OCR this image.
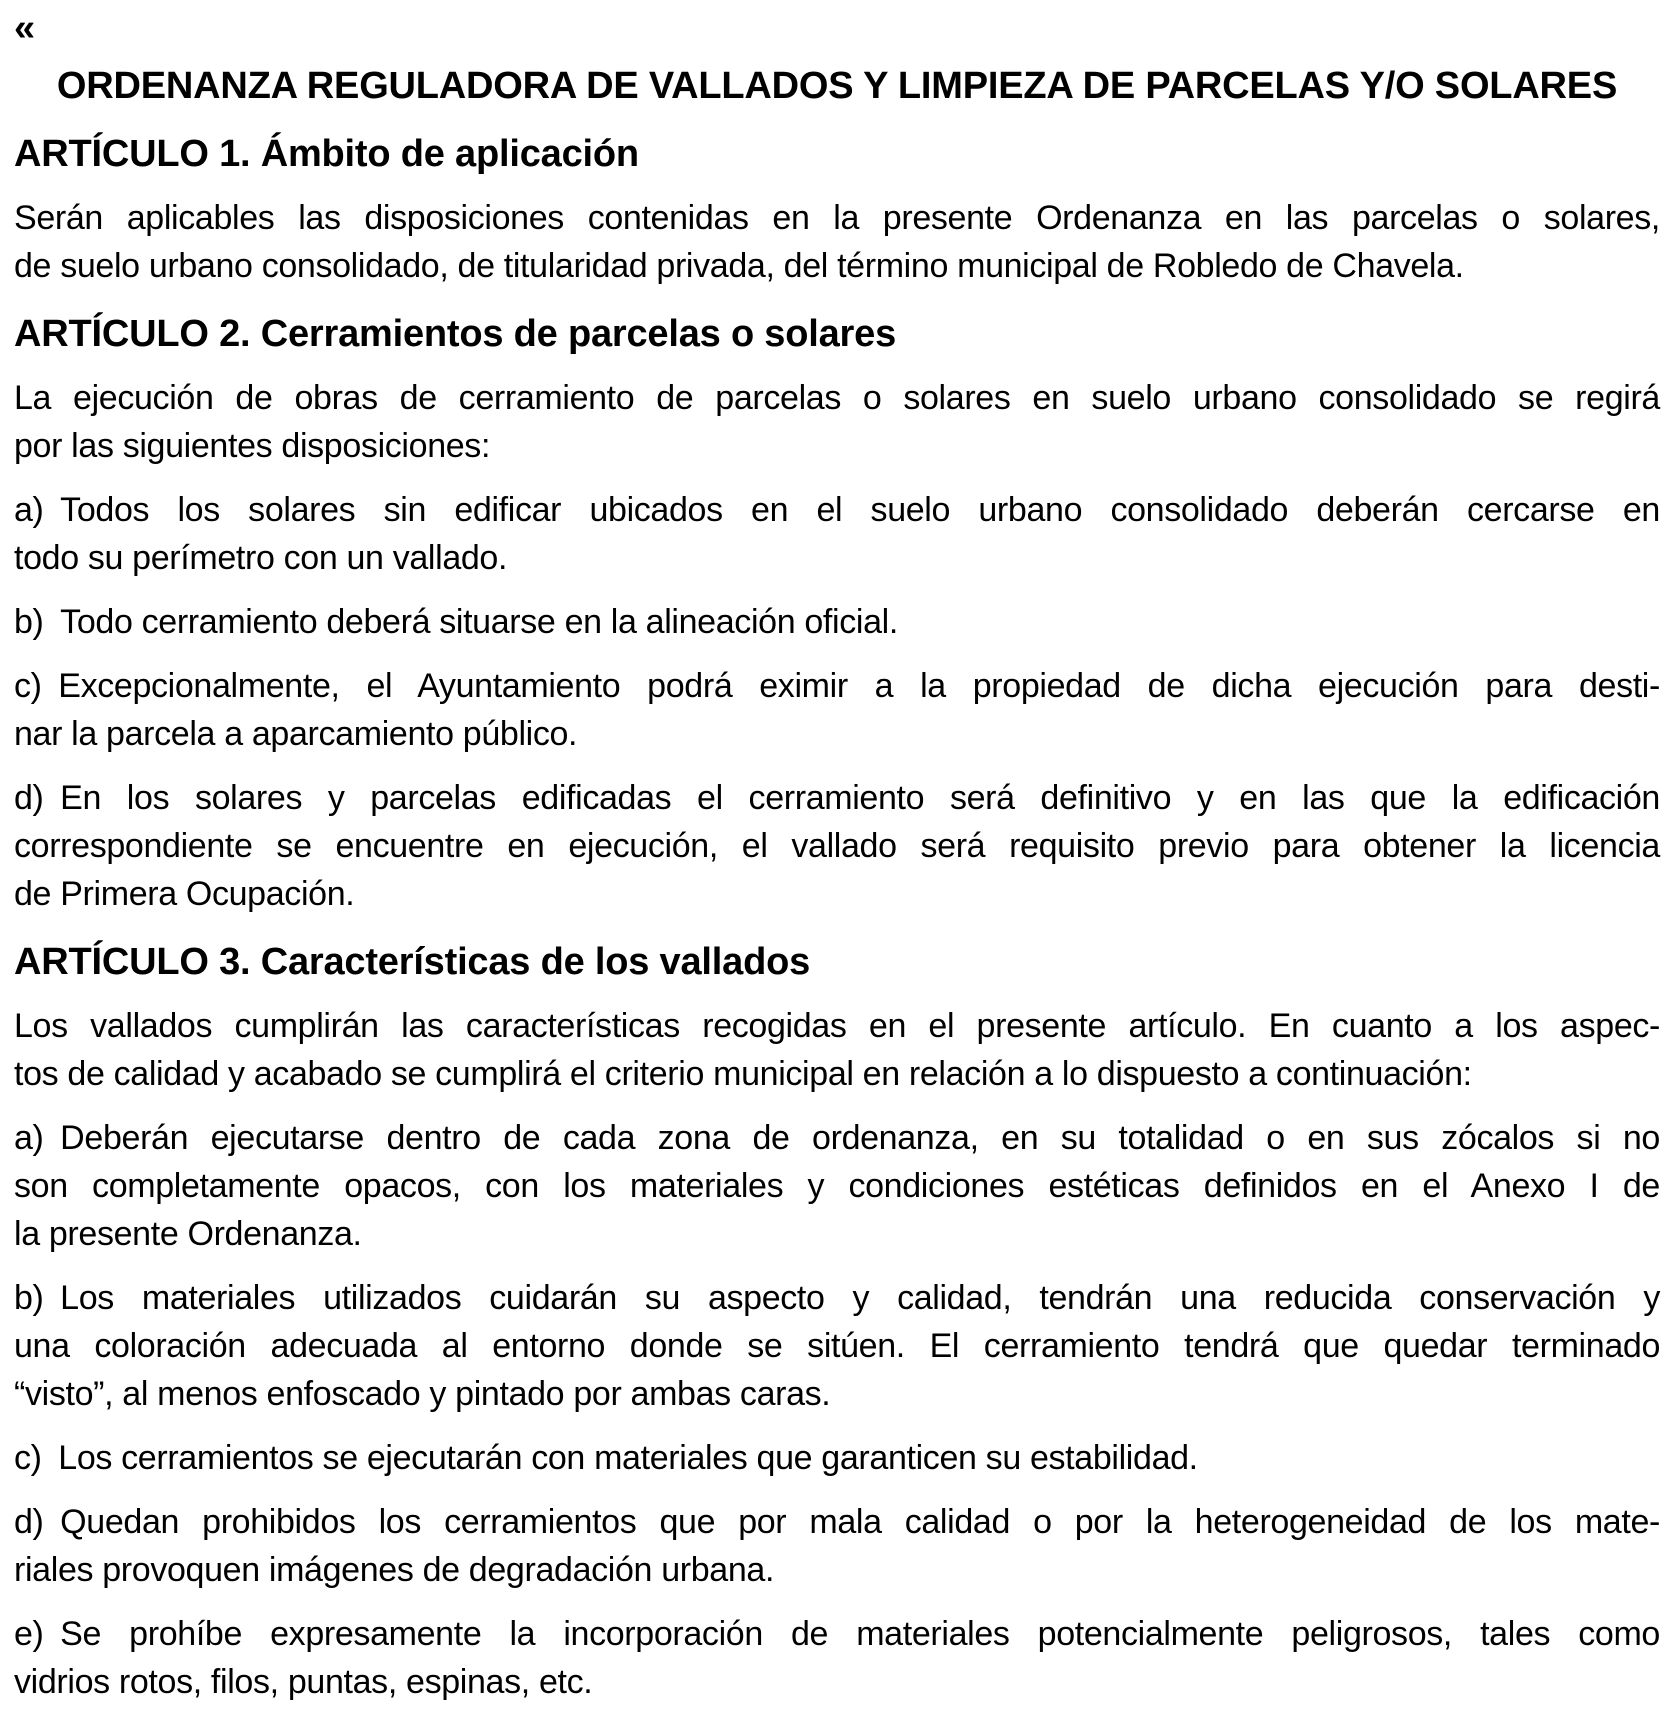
«
ORDENANZA REGULADORA DE VALLADOS Y LIMPIEZA DE PARCELAS Y/O SOLARES
ARTÍCULO 1. Ámbito de aplicación

Serán aplicables las disposiciones contenidas en la presente Ordenanza en las parcelas o solares,
de suelo urbano consolidado, de titularidad privada, del término municipal de Robledo de Chavela.

ARTÍCULO 2. Cerramientos de parcelas o solares

La ejecución de obras de cerramiento de parcelas o solares en suelo urbano consolidado se regirá
por las siguientes disposiciones:

a) Todos los solares sin edificar ubicados en el suelo urbano consolidado deberán cercarse en
todo su perímetro con un vallado.

b) Todo cerramiento deberá situarse en la alineación oficial.

c) Excepcionalmente, el Ayuntamiento podrá eximir a la propiedad de dicha ejecución para desti-
nar la parcela a aparcamiento público.

d) En los solares y parcelas edificadas el cerramiento será definitivo y en las que la edificación
correspondiente se encuentre en ejecución, el vallado será requisito previo para obtener la licencia
de Primera Ocupación.

ARTÍCULO 3. Características de los vallados

Los vallados cumplirán las características recogidas en el presente artículo. En cuanto a los aspec-
tos de calidad y acabado se cumplirá el criterio municipal en relación a lo dispuesto a continuación:

a) Deberán ejecutarse dentro de cada zona de ordenanza, en su totalidad o en sus zócalos si no
son completamente opacos, con los materiales y condiciones estéticas definidos en el Anexo I de
la presente Ordenanza.

b) Los materiales utilizados cuidarán su aspecto y calidad, tendrán una reducida conservación y
una coloración adecuada al entorno donde se sitúen. El cerramiento tendrá que quedar terminado
“visto”, al menos enfoscado y pintado por ambas caras.

c) Los cerramientos se ejecutarán con materiales que garanticen su estabilidad.

d) Quedan prohibidos los cerramientos que por mala calidad o por la heterogeneidad de los mate-
riales provoquen imágenes de degradación urbana.

e) Se prohíbe expresamente la incorporación de materiales potencialmente peligrosos, tales como
vidrios rotos, filos, puntas, espinas, etc.
